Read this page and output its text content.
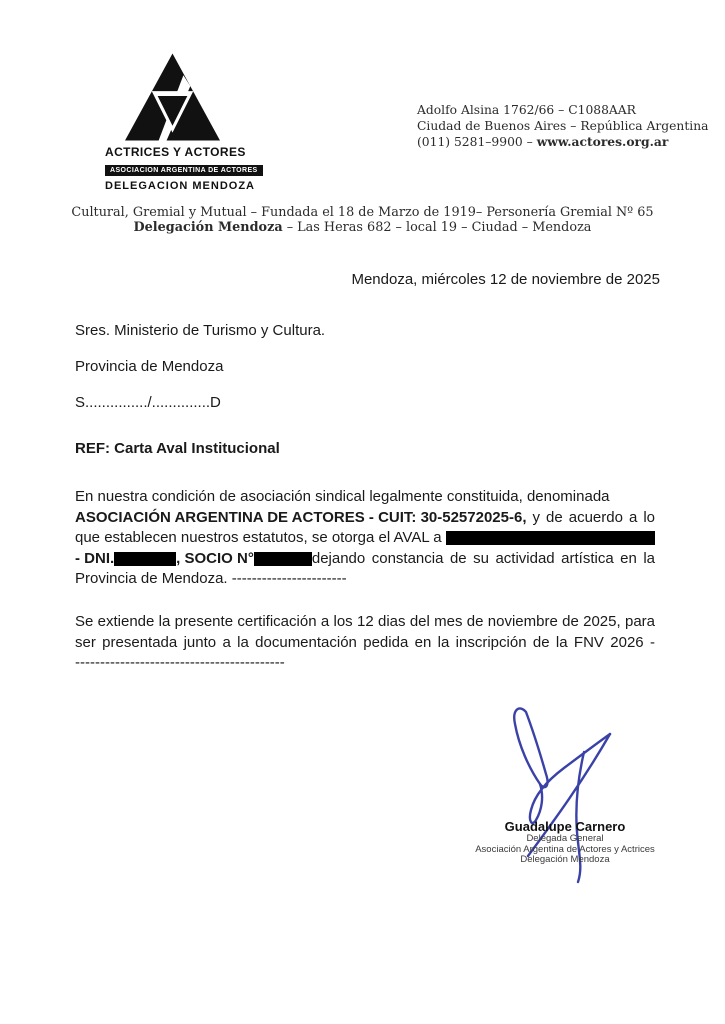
ACTRICES Y ACTORES
ASOCIACION ARGENTINA DE ACTORES
DELEGACION MENDOZA
Adolfo Alsina 1762/66 – C1088AAR
Ciudad de Buenos Aires – República Argentina
(011) 5281–9900 – www.actores.org.ar
Cultural, Gremial y Mutual – Fundada el 18 de Marzo de 1919– Personería Gremial Nº 65
Delegación Mendoza – Las Heras 682 – local 19 – Ciudad – Mendoza
Mendoza, miércoles 12 de noviembre de 2025
Sres. Ministerio de Turismo y Cultura.
Provincia de Mendoza
S.............../..............D
REF: Carta Aval Institucional
En nuestra condición de asociación sindical legalmente constituida, denominada
ASOCIACIÓN ARGENTINA DE ACTORES - CUIT: 30-52572025-6, y de acuerdo a lo
que establecen nuestros estatutos, se otorga el AVAL a
- DNI.	, SOCIO N°	dejando constancia de su actividad artística en la
Provincia de Mendoza. -----------------------
Se extiende la presente certificación a los 12 dias del mes de noviembre de 2025, para
ser presentada junto a la documentación pedida en la inscripción de la FNV 2026 -
------------------------------------------
Guadalupe Carnero
Delegada General
Asociación Argentina de Actores y Actrices
Delegación Mendoza
